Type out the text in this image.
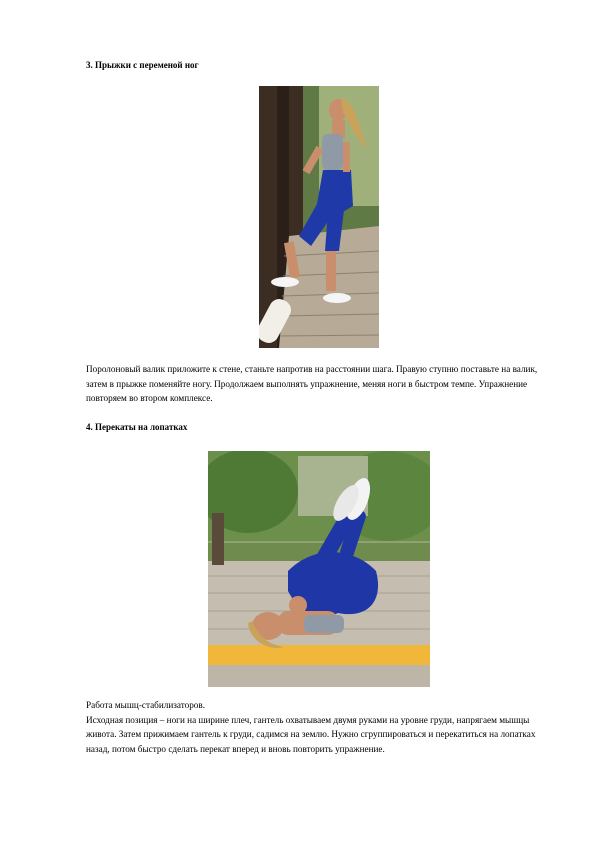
3. Прыжки с переменой ног

Поролоновый валик приложите к стене, станьте напротив на расстоянии шага. Правую ступню поставьте на валик, затем в прыжке поменяйте ногу. Продолжаем выполнять упражнение, меняя ноги в быстром темпе. Упражнение повторяем во втором комплексе.

4. Перекаты на лопатках

Работа мышц-стабилизаторов.

Исходная позиция – ноги на ширине плеч, гантель охватываем двумя руками на уровне груди, напрягаем мышцы живота. Затем прижимаем гантель к груди, садимся на землю. Нужно сгруппироваться и перекатиться на лопатках назад, потом быстро сделать перекат вперед и вновь повторить упражнение.
